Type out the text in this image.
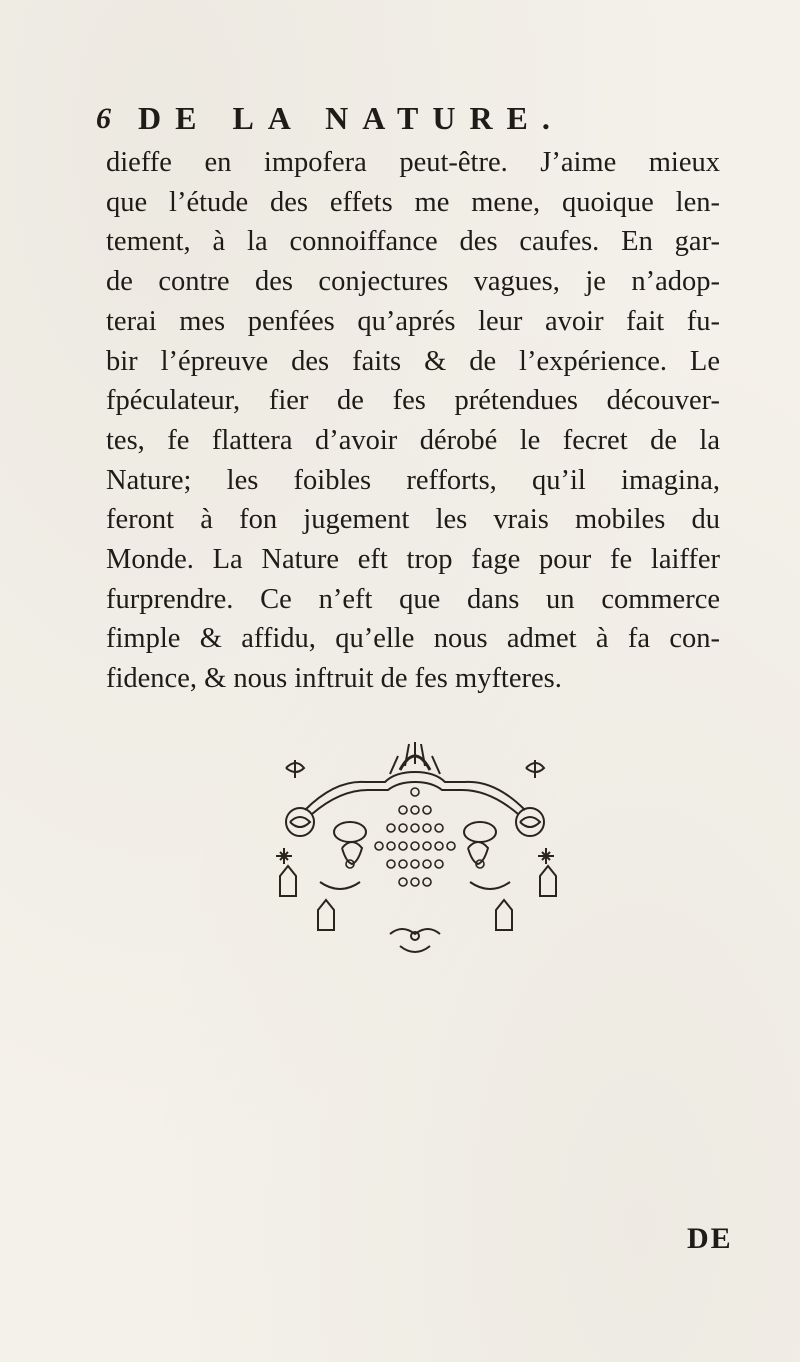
6 DE LA NATURE.
dieffe en impofera peut-être. J’aime mieux
que l’étude des effets me mene, quoique len-
tement, à la connoiffance des caufes. En gar-
de contre des conjectures vagues, je n’adop-
terai mes penfées qu’aprés leur avoir fait fu-
bir l’épreuve des faits & de l’expérience. Le
fpéculateur, fier de fes prétendues découver-
tes, fe flattera d’avoir dérobé le fecret de la
Nature; les foibles refforts, qu’il imagina,
feront à fon jugement les vrais mobiles du
Monde. La Nature eft trop fage pour fe laiffer
furprendre. Ce n’eft que dans un commerce
fimple & affidu, qu’elle nous admet à fa con-
fidence, & nous inftruit de fes myfteres.
DE
